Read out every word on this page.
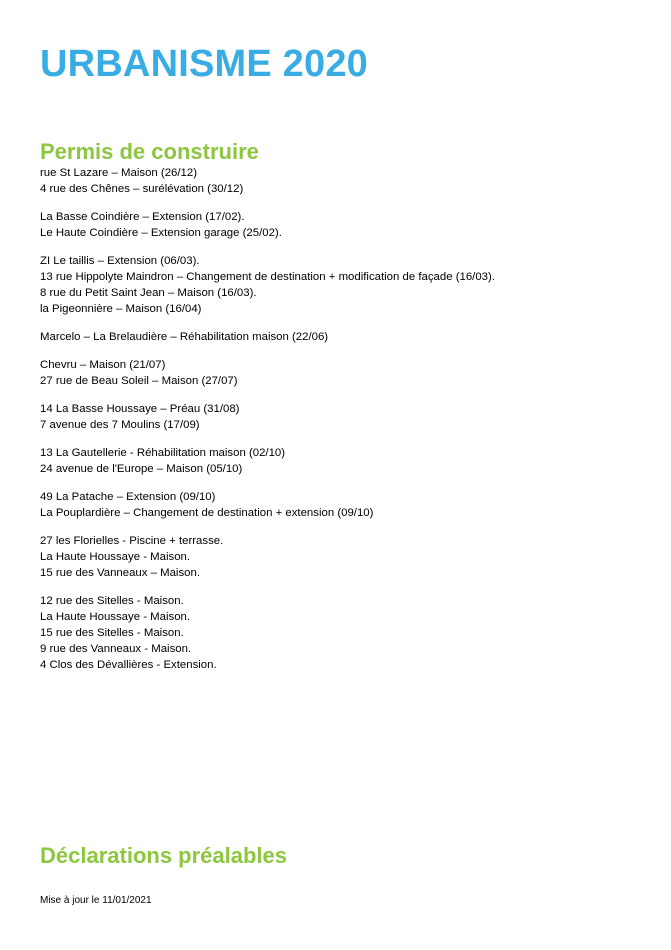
URBANISME 2020
Permis de construire
rue St Lazare – Maison (26/12)
4 rue des Chênes – surélévation (30/12)
La Basse Coindière – Extension (17/02).
Le Haute Coindière – Extension garage (25/02).
ZI Le taillis – Extension (06/03).
13 rue Hippolyte Maindron – Changement de destination + modification de façade (16/03).
8 rue du Petit Saint Jean – Maison (16/03).
la Pigeonnière – Maison (16/04)
Marcelo – La Brelaudière – Réhabilitation maison (22/06)
Chevru – Maison (21/07)
27 rue de Beau Soleil – Maison (27/07)
14 La Basse Houssaye – Préau (31/08)
7 avenue des 7 Moulins (17/09)
13 La Gautellerie - Réhabilitation maison (02/10)
24 avenue de l'Europe – Maison (05/10)
49 La Patache – Extension (09/10)
La Pouplardière – Changement de destination + extension (09/10)
27 les Florielles - Piscine + terrasse.
La Haute Houssaye - Maison.
15 rue des Vanneaux – Maison.
12 rue des Sitelles - Maison.
La Haute Houssaye - Maison.
15 rue des Sitelles - Maison.
9 rue des Vanneaux - Maison.
4 Clos des Dévallières - Extension.
Déclarations préalables

Mise à jour le 11/01/2021
